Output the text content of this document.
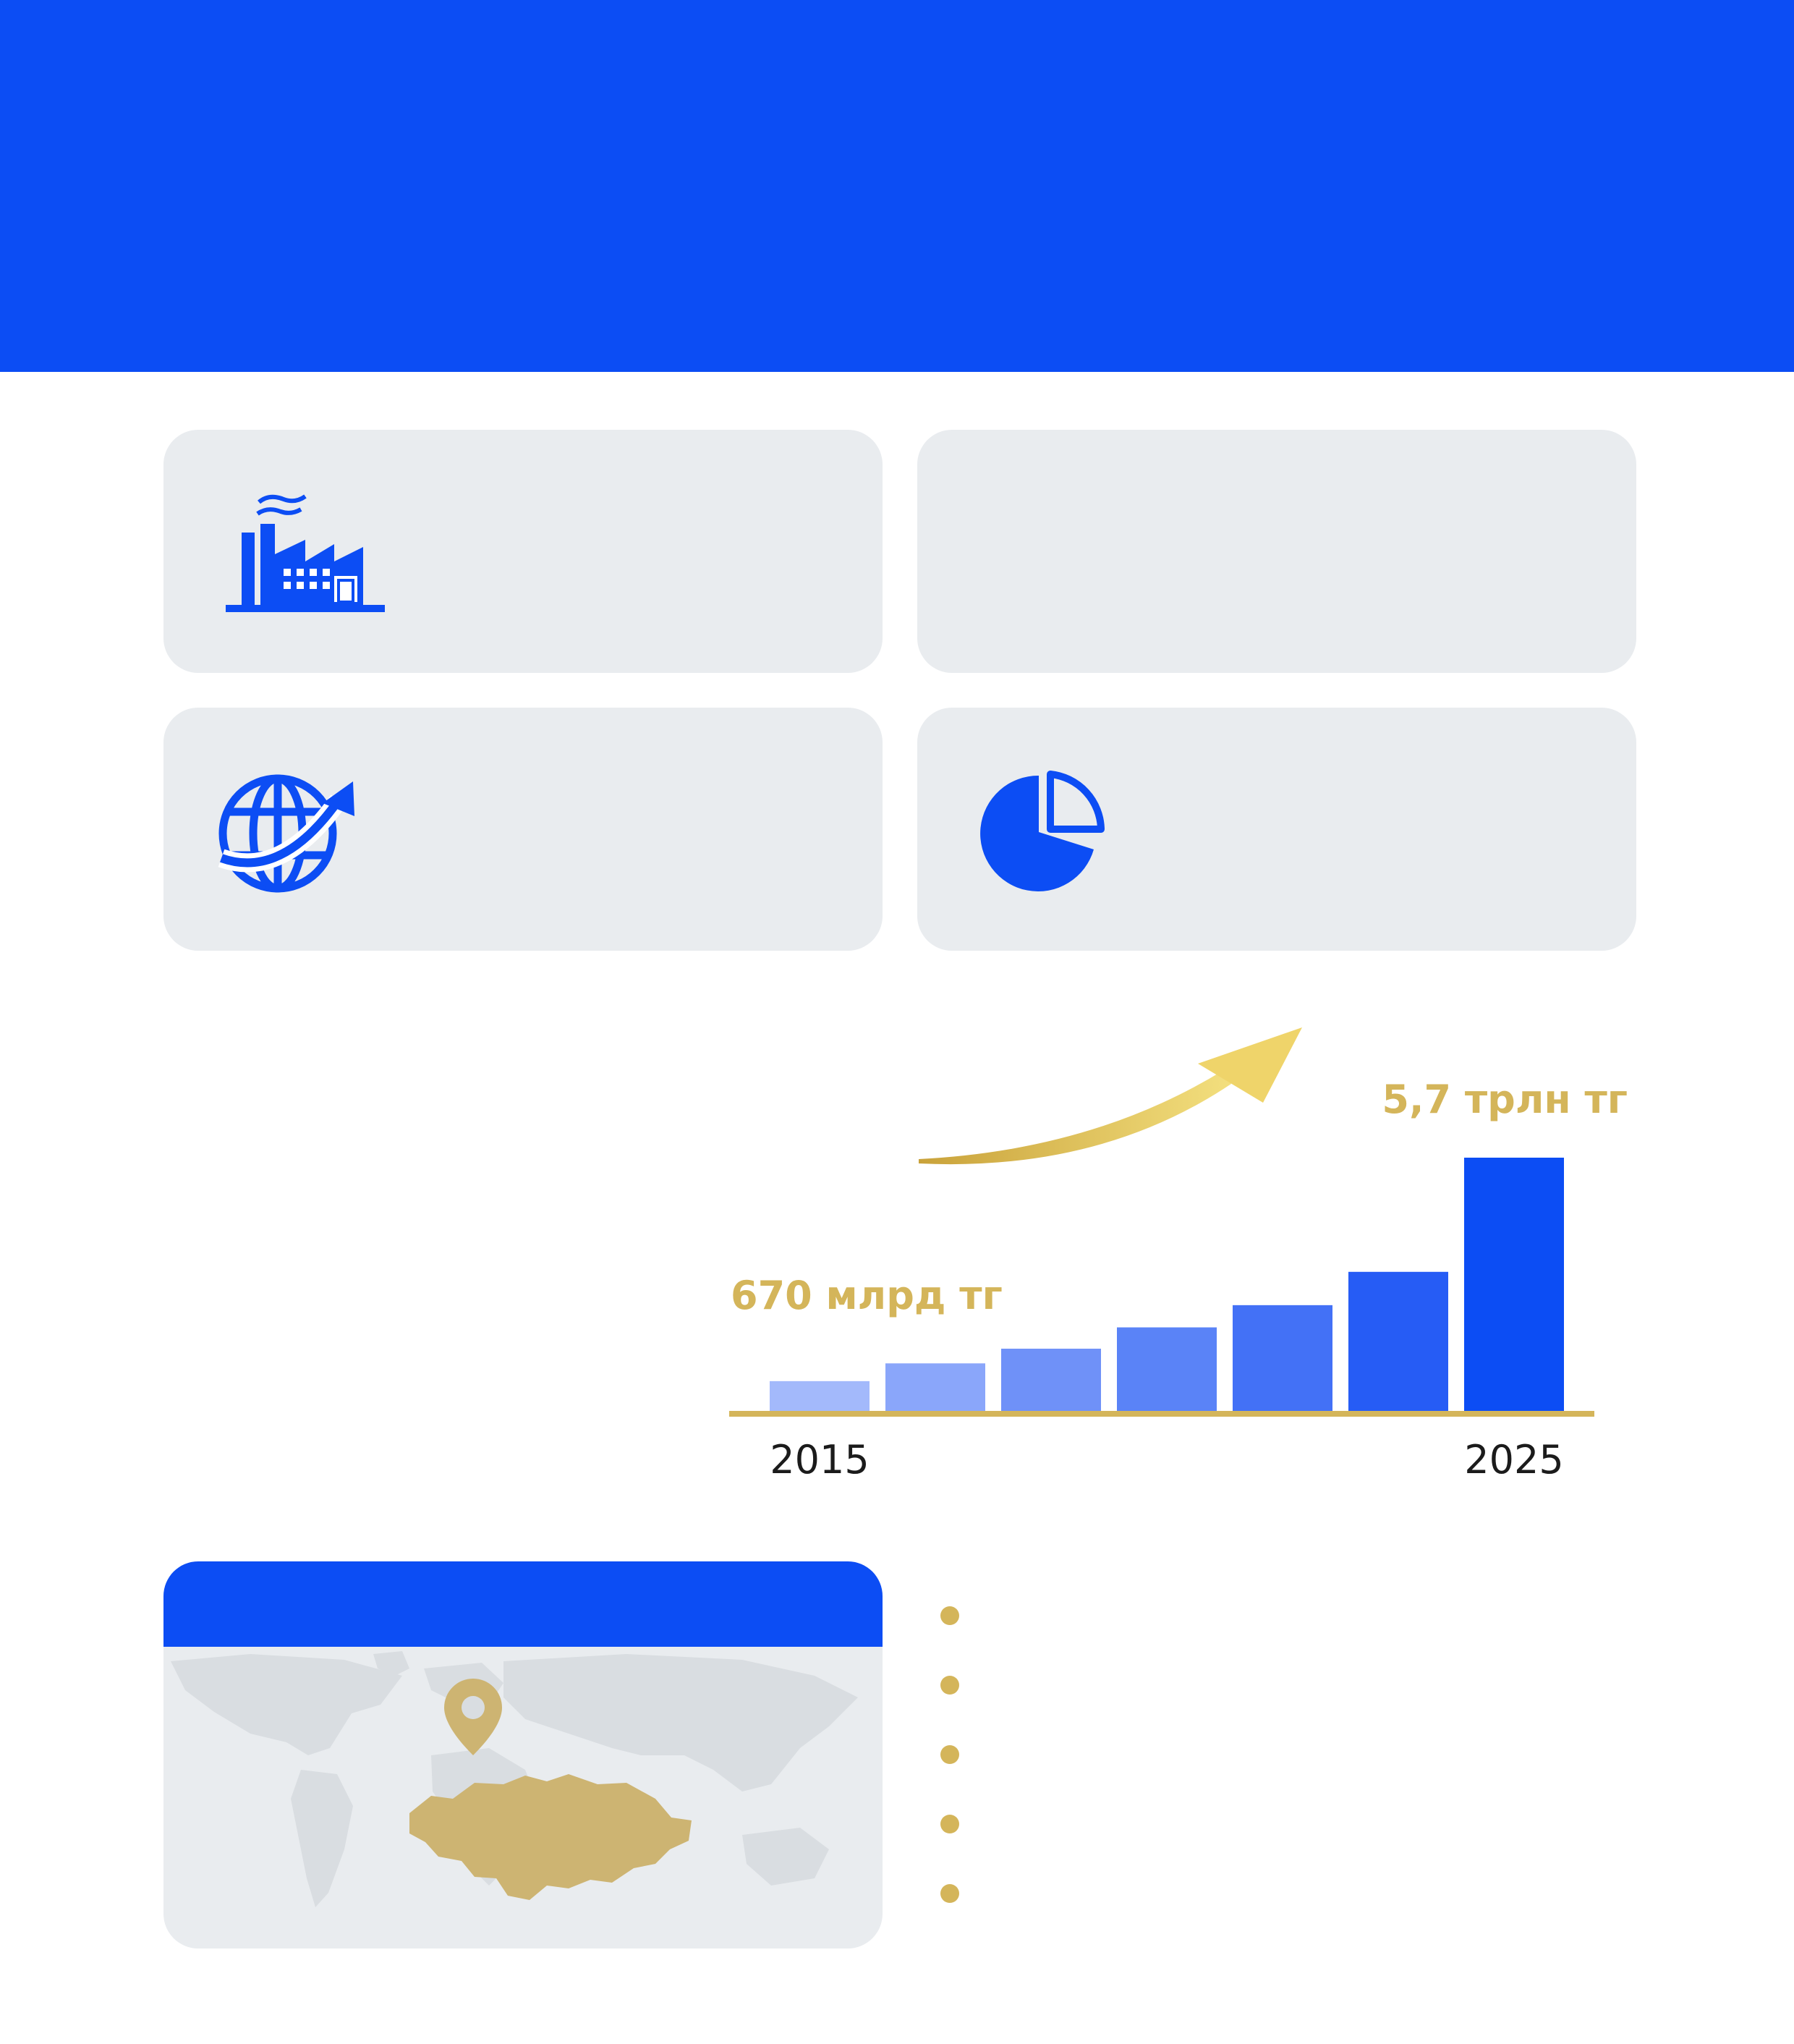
2015	2025
670 млрд тг
5,7 трлн тг
